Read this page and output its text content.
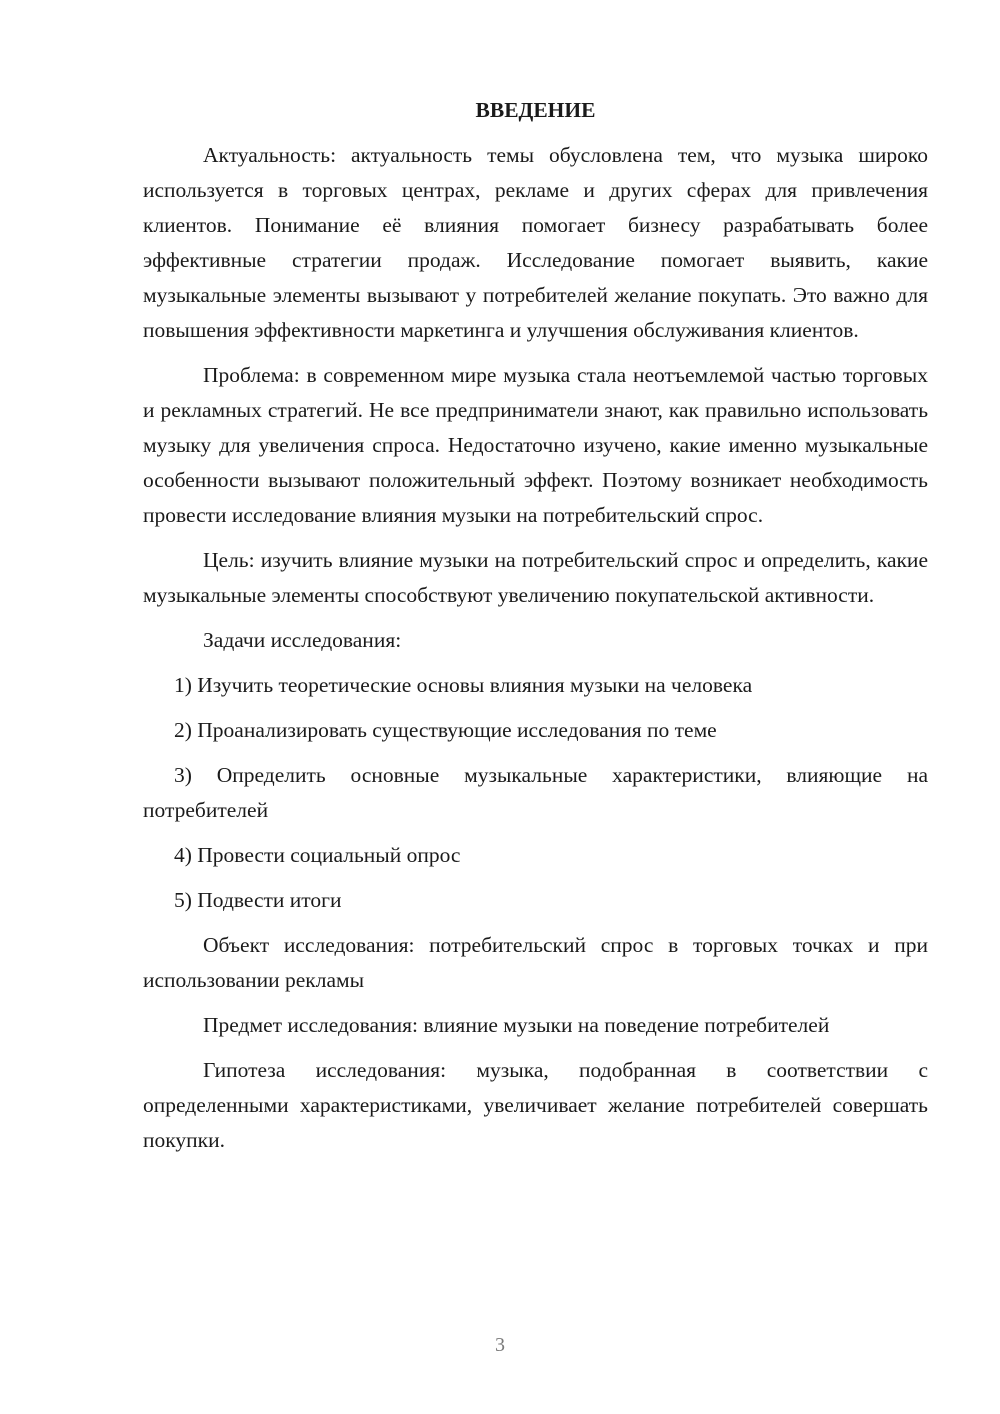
ВВЕДЕНИЕ

Актуальность: актуальность темы обусловлена тем, что музыка широко используется в торговых центрах, рекламе и других сферах для привлечения клиентов. Понимание её влияния помогает бизнесу разрабатывать более эффективные стратегии продаж. Исследование помогает выявить, какие музыкальные элементы вызывают у потребителей желание покупать. Это важно для повышения эффективности маркетинга и улучшения обслуживания клиентов.

Проблема: в современном мире музыка стала неотъемлемой частью торговых и рекламных стратегий. Не все предприниматели знают, как правильно использовать музыку для увеличения спроса. Недостаточно изучено, какие именно музыкальные особенности вызывают положительный эффект. Поэтому возникает необходимость провести исследование влияния музыки на потребительский спрос.

Цель: изучить влияние музыки на потребительский спрос и определить, какие музыкальные элементы способствуют увеличению покупательской активности.

Задачи исследования:

1) Изучить теоретические основы влияния музыки на человека

2) Проанализировать существующие исследования по теме

3) Определить основные музыкальные характеристики, влияющие на потребителей

4) Провести социальный опрос

5) Подвести итоги

Объект исследования: потребительский спрос в торговых точках и при использовании рекламы

Предмет исследования: влияние музыки на поведение потребителей

Гипотеза исследования: музыка, подобранная в соответствии с определенными характеристиками, увеличивает желание потребителей совершать покупки.

3
